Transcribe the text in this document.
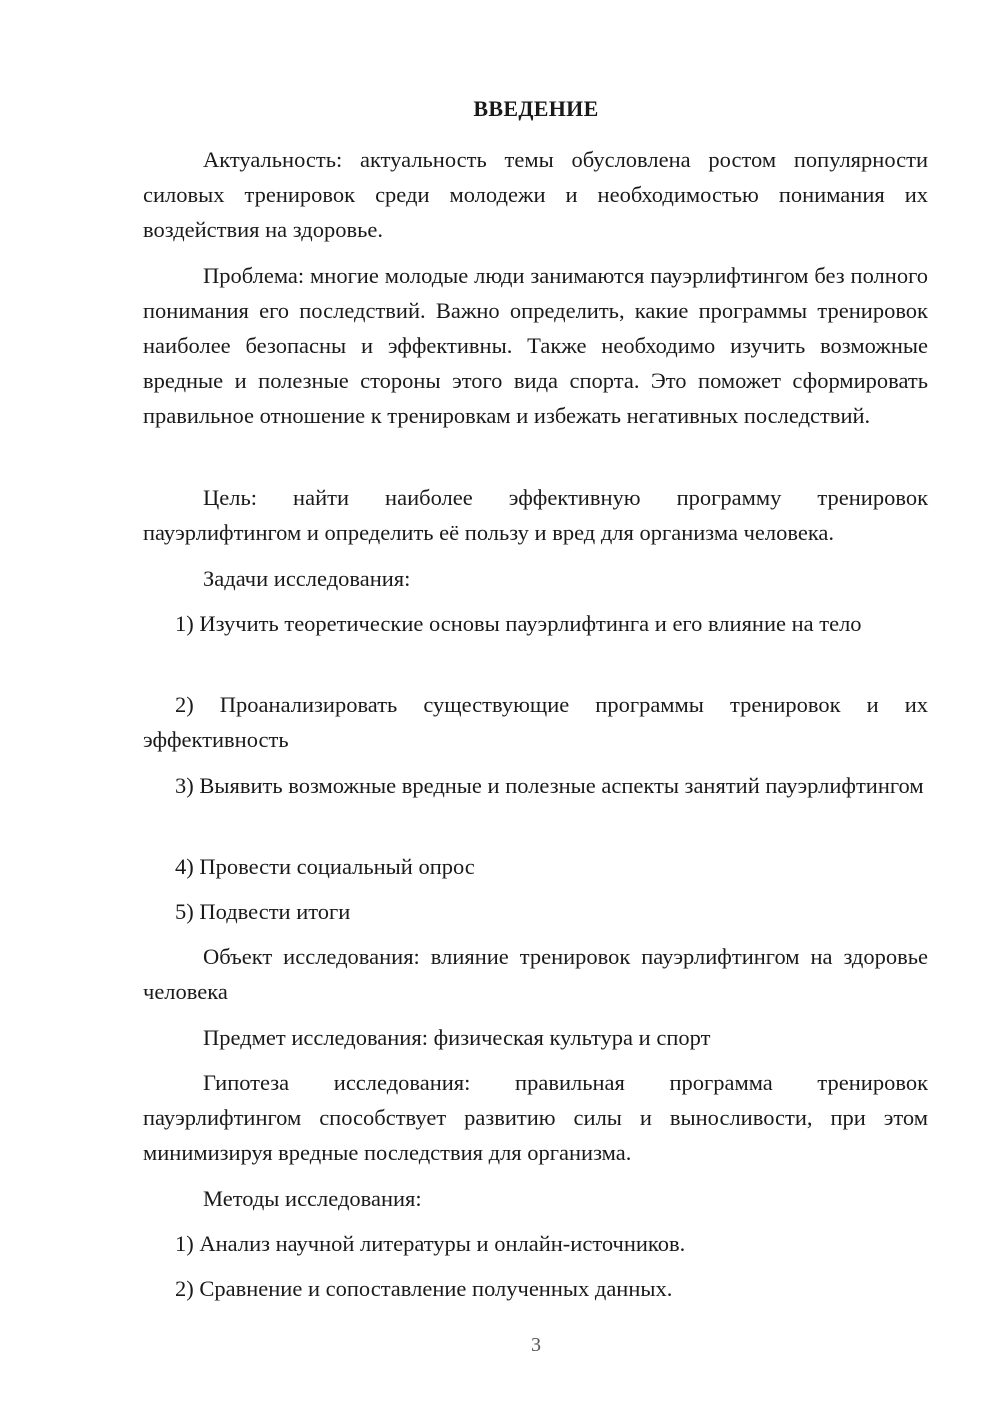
ВВЕДЕНИЕ

Актуальность: актуальность темы обусловлена ростом популярности силовых тренировок среди молодежи и необходимостью понимания их воздействия на здоровье.

Проблема: многие молодые люди занимаются пауэрлифтингом без полного понимания его последствий. Важно определить, какие программы тренировок наиболее безопасны и эффективны. Также необходимо изучить возможные вредные и полезные стороны этого вида спорта. Это поможет сформировать правильное отношение к тренировкам и избежать негативных последствий.

Цель: найти наиболее эффективную программу тренировок пауэрлифтингом и определить её пользу и вред для организма человека.

Задачи исследования:

1) Изучить теоретические основы пауэрлифтинга и его влияние на тело

2) Проанализировать существующие программы тренировок и их эффективность

3) Выявить возможные вредные и полезные аспекты занятий пауэрлифтингом

4) Провести социальный опрос

5) Подвести итоги

Объект исследования: влияние тренировок пауэрлифтингом на здоровье человека

Предмет исследования: физическая культура и спорт

Гипотеза исследования: правильная программа тренировок пауэрлифтингом способствует развитию силы и выносливости, при этом минимизируя вредные последствия для организма.

Методы исследования:

1) Анализ научной литературы и онлайн-источников.

2) Сравнение и сопоставление полученных данных.

3
